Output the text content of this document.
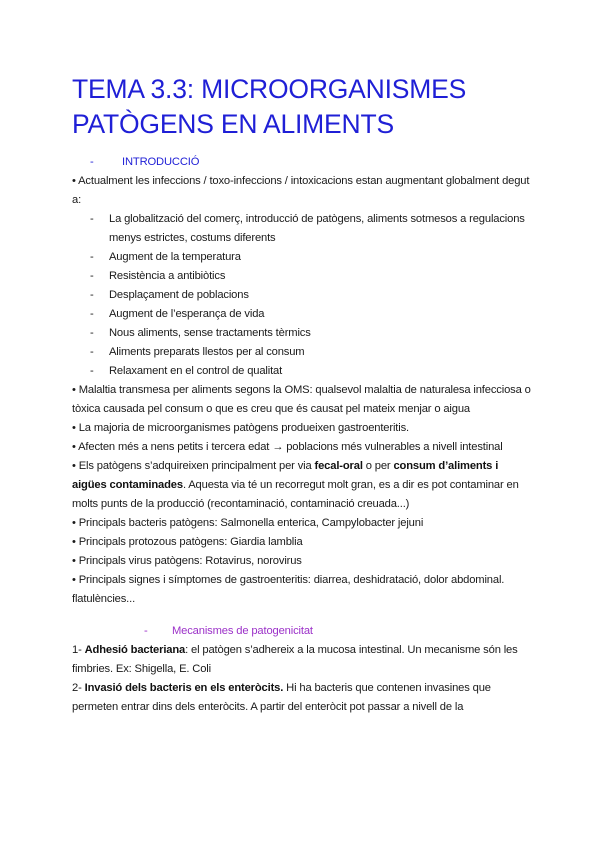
TEMA 3.3: MICROORGANISMES PATÒGENS EN ALIMENTS
-	INTRODUCCIÓ
• Actualment les infeccions / toxo-infeccions / intoxicacions estan augmentant globalment degut a:
-	La globalització del comerç, introducció de patògens, aliments sotmesos a regulacions menys estrictes, costums diferents
-	Augment de la temperatura
-	Resistència a antibiòtics
-	Desplaçament de poblacions
-	Augment de l’esperança de vida
-	Nous aliments, sense tractaments tèrmics
-	Aliments preparats llestos per al consum
-	Relaxament en el control de qualitat
• Malaltia transmesa per aliments segons la OMS: qualsevol malaltia de naturalesa infecciosa o tòxica causada pel consum o que es creu que és causat pel mateix menjar o aigua
• La majoria de microorganismes patògens produeixen gastroenteritis.
• Afecten més a nens petits i tercera edat → poblacions més vulnerables a nivell intestinal
• Els patògens s’adquireixen principalment per via fecal-oral o per consum d’aliments i aigües contaminades. Aquesta via té un recorregut molt gran, es a dir es pot contaminar en molts punts de la producció (recontaminació, contaminació creuada...)
• Principals bacteris patògens: Salmonella enterica, Campylobacter jejuni
• Principals protozous patògens: Giardia lamblia
• Principals virus patògens: Rotavirus, norovirus
• Principals signes i símptomes de gastroenteritis: diarrea, deshidratació, dolor abdominal. flatulències...
- Mecanismes de patogenicitat
1- Adhesió bacteriana: el patògen s’adhereix a la mucosa intestinal. Un mecanisme són les fimbries. Ex: Shigella, E. Coli
2- Invasió dels bacteris en els enteròcits. Hi ha bacteris que contenen invasines que permeten entrar dins dels enteròcits. A partir del enteròcit pot passar a nivell de la
